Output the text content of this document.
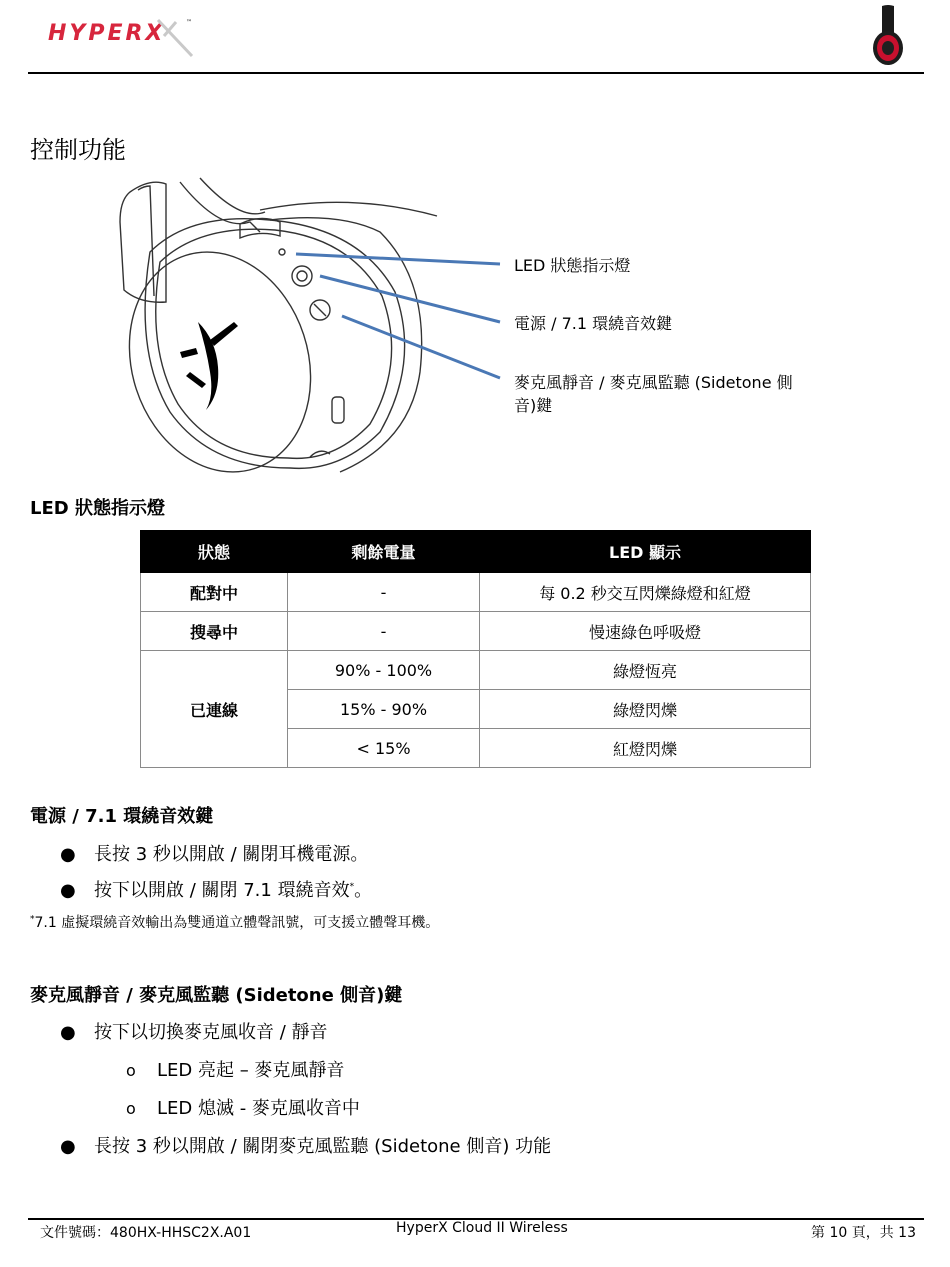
HYPERX	™
控制功能
LED 狀態指示燈
電源 / 7.1 環繞音效鍵
麥克風靜音 / 麥克風監聽 (Sidetone 側音)鍵
LED 狀態指示燈
狀態	剩餘電量	LED 顯示
配對中	-	每 0.2 秒交互閃爍綠燈和紅燈
搜尋中	-	慢速綠色呼吸燈
已連線	90% - 100%	綠燈恆亮
	15% - 90%	綠燈閃爍
	< 15%	紅燈閃爍
電源 / 7.1 環繞音效鍵
● 長按 3 秒以開啟 / 關閉耳機電源。
● 按下以開啟 / 關閉 7.1 環繞音效*。
*7.1 虛擬環繞音效輸出為雙通道立體聲訊號，可支援立體聲耳機。
麥克風靜音 / 麥克風監聽 (Sidetone 側音)鍵
● 按下以切換麥克風收音 / 靜音
o LED 亮起 – 麥克風靜音
o LED 熄滅 - 麥克風收音中
● 長按 3 秒以開啟 / 關閉麥克風監聽 (Sidetone 側音) 功能
文件號碼：480HX-HHSC2X.A01	HyperX Cloud II Wireless	第 10 頁，共 13
